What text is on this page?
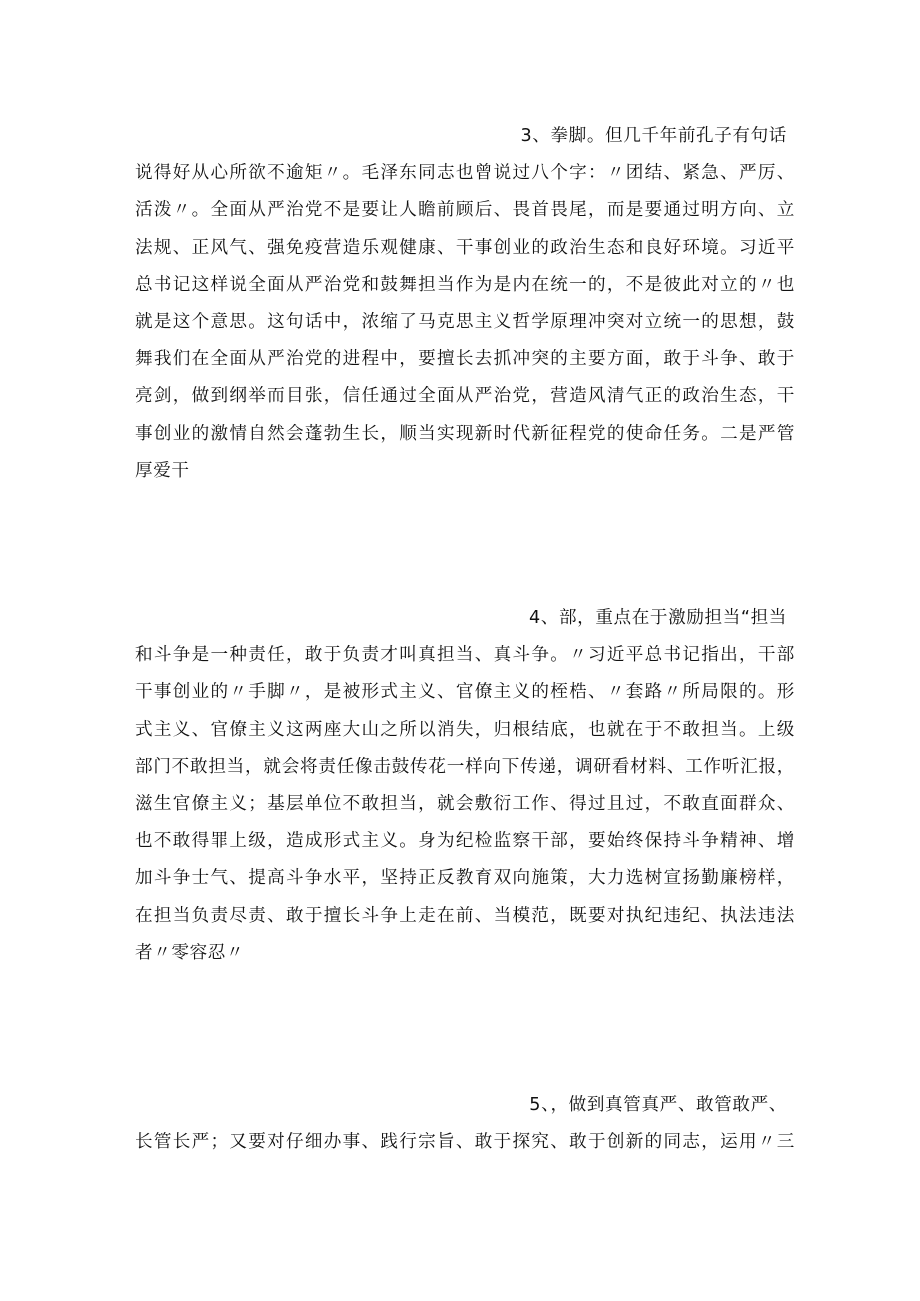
3、拳脚。但几千年前孔子有句话
说得好从心所欲不逾矩〃。毛泽东同志也曾说过八个字：〃团结、紧急、严厉、
活泼〃。全面从严治党不是要让人瞻前顾后、畏首畏尾，而是要通过明方向、立
法规、正风气、强免疫营造乐观健康、干事创业的政治生态和良好环境。习近平
总书记这样说全面从严治党和鼓舞担当作为是内在统一的，不是彼此对立的〃也
就是这个意思。这句话中，浓缩了马克思主义哲学原理冲突对立统一的思想，鼓
舞我们在全面从严治党的进程中，要擅长去抓冲突的主要方面，敢于斗争、敢于
亮剑，做到纲举而目张，信任通过全面从严治党，营造风清气正的政治生态，干
事创业的激情自然会蓬勃生长，顺当实现新时代新征程党的使命任务。二是严管
厚爱干
4、部，重点在于激励担当“担当
和斗争是一种责任，敢于负责才叫真担当、真斗争。〃习近平总书记指出，干部
干事创业的〃手脚〃，是被形式主义、官僚主义的桎梏、〃套路〃所局限的。形
式主义、官僚主义这两座大山之所以消失，归根结底，也就在于不敢担当。上级
部门不敢担当，就会将责任像击鼓传花一样向下传递，调研看材料、工作听汇报，
滋生官僚主义；基层单位不敢担当，就会敷衍工作、得过且过，不敢直面群众、
也不敢得罪上级，造成形式主义。身为纪检监察干部，要始终保持斗争精神、增
加斗争士气、提高斗争水平，坚持正反教育双向施策，大力选树宣扬勤廉榜样，
在担当负责尽责、敢于擅长斗争上走在前、当模范，既要对执纪违纪、执法违法
者〃零容忍〃
5、，做到真管真严、敢管敢严、
长管长严；又要对仔细办事、践行宗旨、敢于探究、敢于创新的同志，运用〃三
